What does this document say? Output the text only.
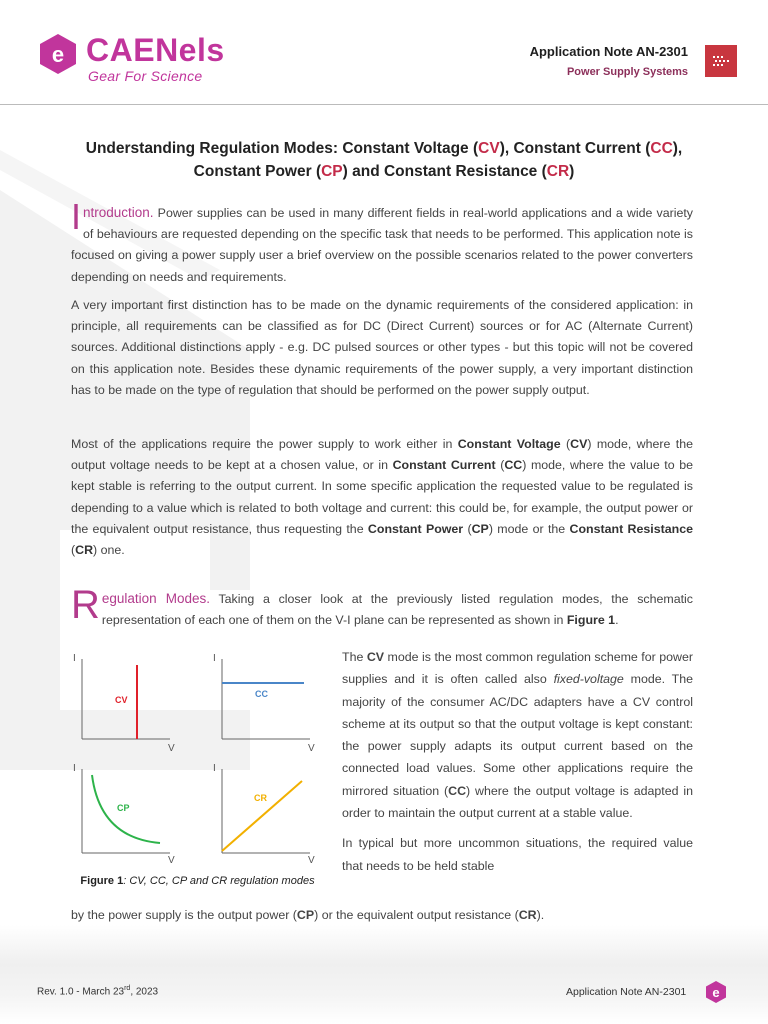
e CAENels
Gear For Science
Application Note AN-2301
Power Supply Systems
Understanding Regulation Modes: Constant Voltage (CV), Constant Current (CC), Constant Power (CP) and Constant Resistance (CR)
Introduction. Power supplies can be used in many different fields in real-world applications and a wide variety of behaviours are requested depending on the specific task that needs to be performed. This application note is focused on giving a power supply user a brief overview on the possible scenarios related to the power converters depending on needs and requirements.
A very important first distinction has to be made on the dynamic requirements of the considered application: in principle, all requirements can be classified as for DC (Direct Current) sources or for AC (Alternate Current) sources. Additional distinctions apply - e.g. DC pulsed sources or other types - but this topic will not be covered on this application note. Besides these dynamic requirements of the power supply, a very important distinction has to be made on the type of regulation that should be performed on the power supply output.
Most of the applications require the power supply to work either in Constant Voltage (CV) mode, where the output voltage needs to be kept at a chosen value, or in Constant Current (CC) mode, where the value to be kept stable is referring to the output current. In some specific application the requested value to be regulated is depending to a value which is related to both voltage and current: this could be, for example, the output power or the equivalent output resistance, thus requesting the Constant Power (CP) mode or the Constant Resistance (CR) one.
Regulation Modes. Taking a closer look at the previously listed regulation modes, the schematic representation of each one of them on the V-I plane can be represented as shown in Figure 1.
I
V
CV
I
V
CC
I
V
CP
I
V
CR
Figure 1: CV, CC, CP and CR regulation modes
The CV mode is the most common regulation scheme for power supplies and it is often called also fixed-voltage mode. The majority of the consumer AC/DC adapters have a CV control scheme at its output so that the output voltage is kept constant: the power supply adapts its output current based on the connected load values. Some other applications require the mirrored situation (CC) where the output voltage is adapted in order to maintain the output current at a stable value.
In typical but more uncommon situations, the required value that needs to be held stable
by the power supply is the output power (CP) or the equivalent output resistance (CR).
Rev. 1.0 - March 23rd, 2023	Application Note AN-2301 e
